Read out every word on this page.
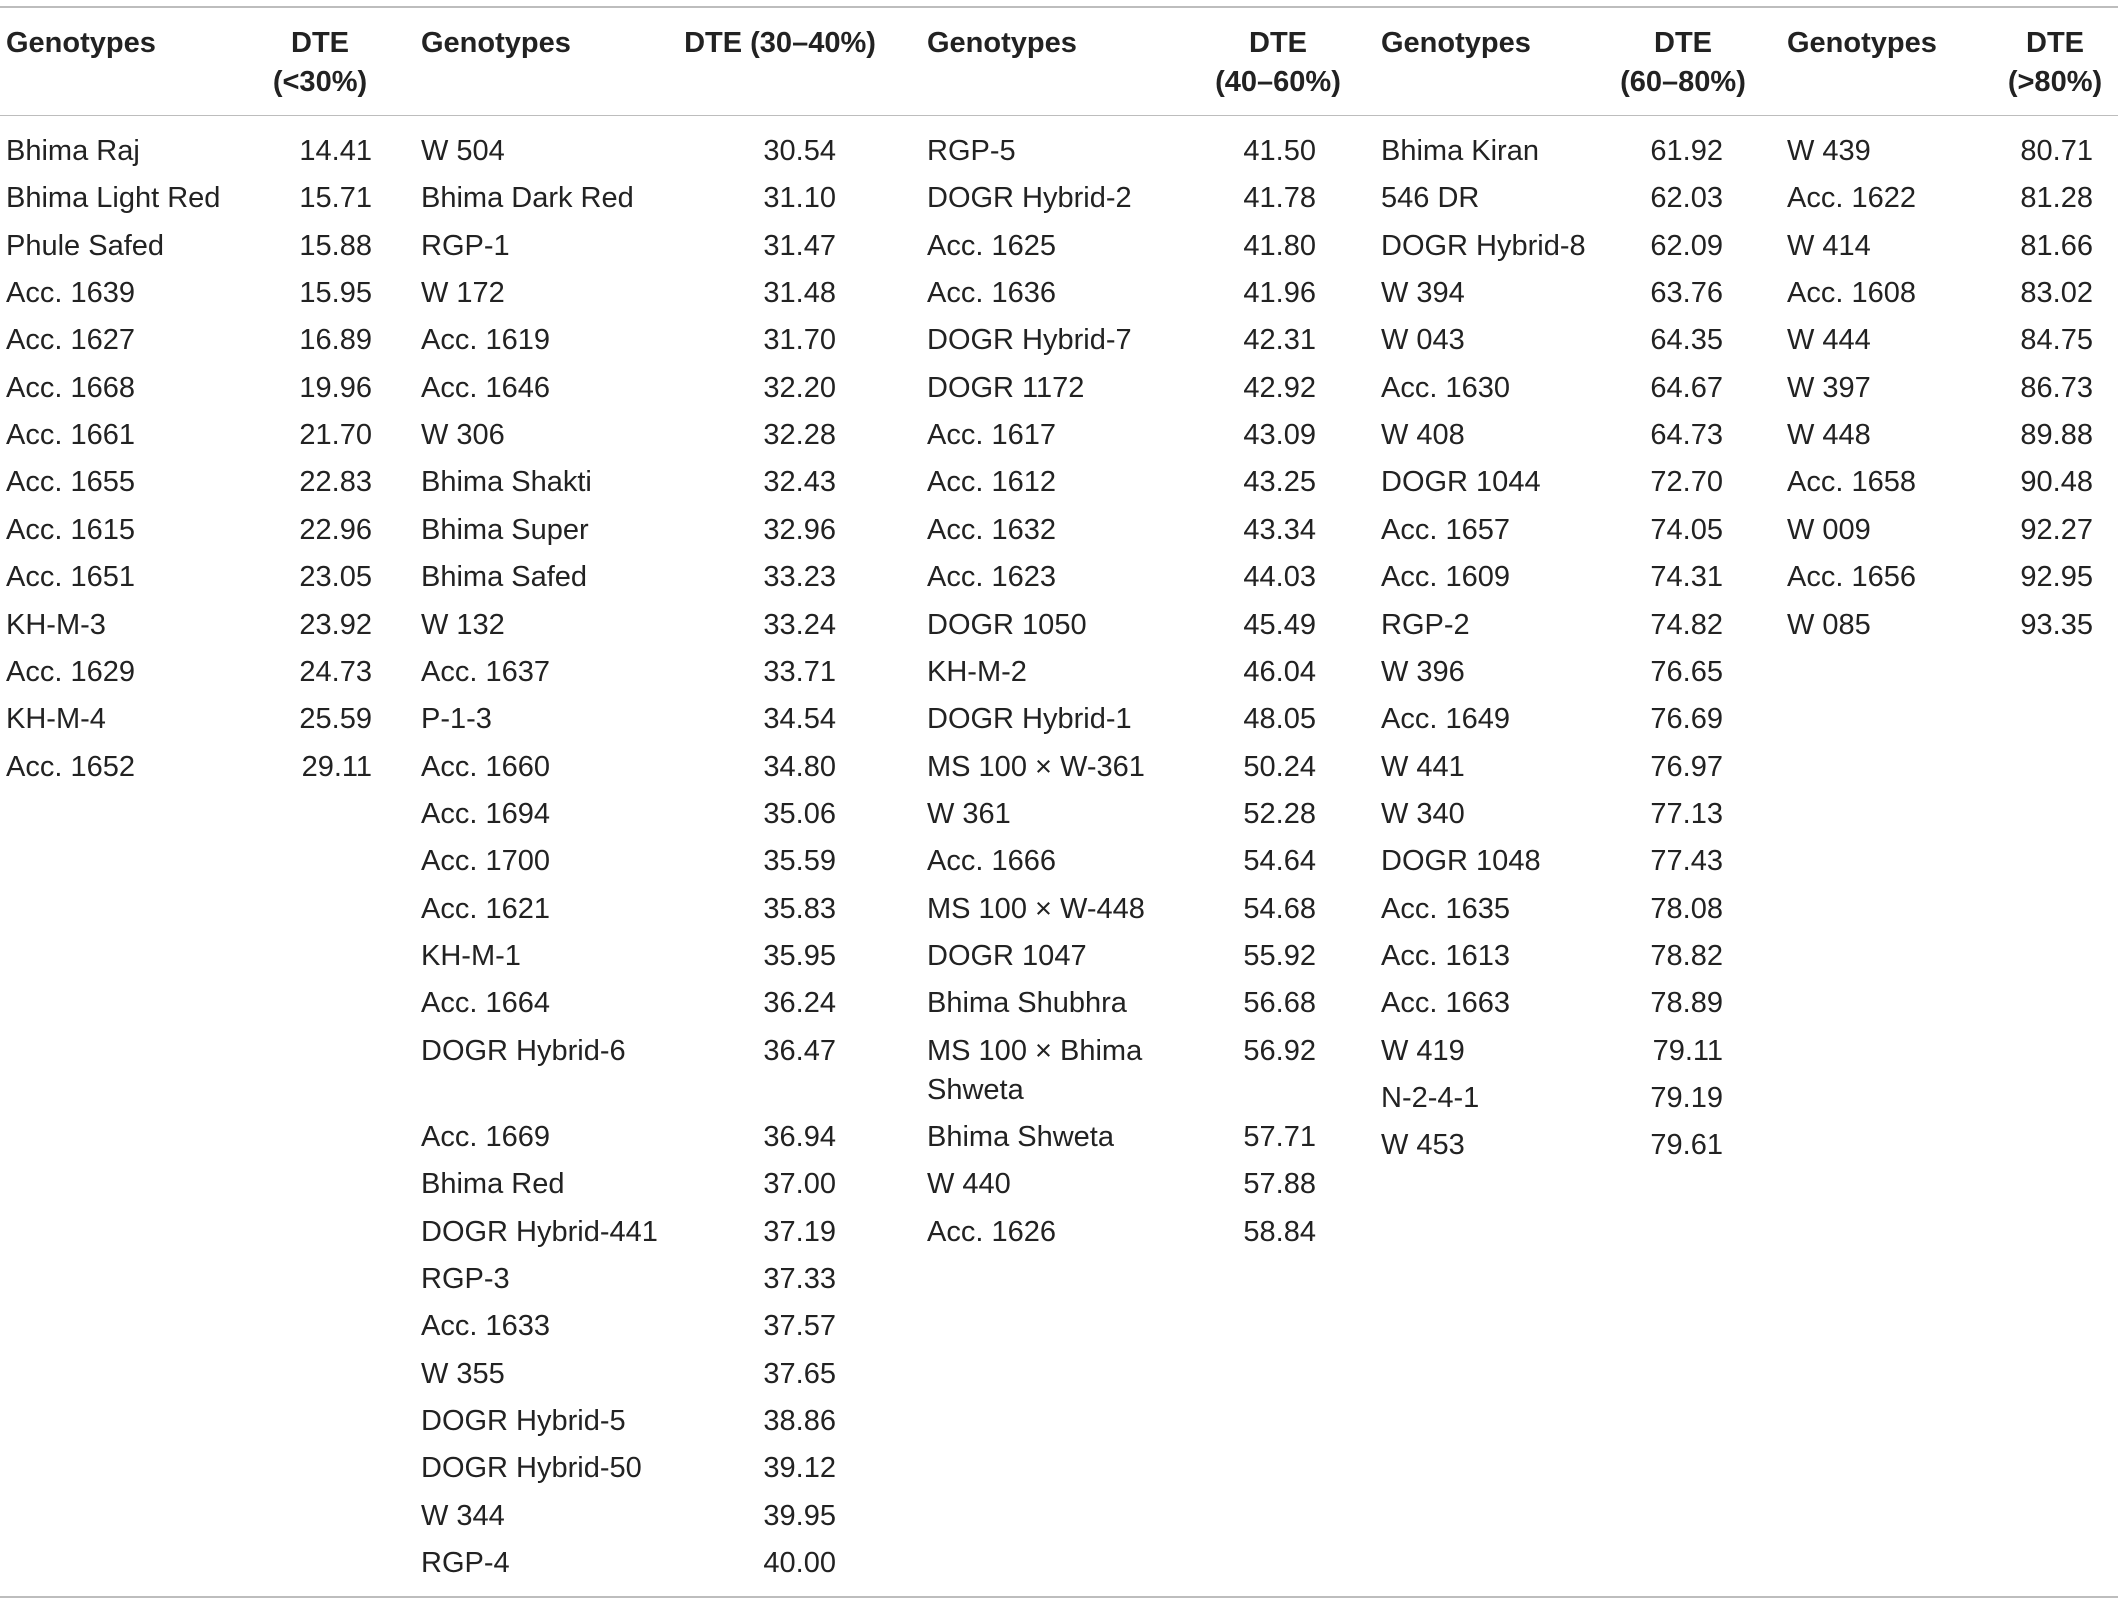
Genotypes	DTE
(<30%)
Bhima Raj	14.41
Bhima Light Red	15.71
Phule Safed	15.88
Acc. 1639	15.95
Acc. 1627	16.89
Acc. 1668	19.96
Acc. 1661	21.70
Acc. 1655	22.83
Acc. 1615	22.96
Acc. 1651	23.05
KH-M-3	23.92
Acc. 1629	24.73
KH-M-4	25.59
Acc. 1652	29.11
Genotypes	DTE (30–40%)
W 504	30.54
Bhima Dark Red	31.10
RGP-1	31.47
W 172	31.48
Acc. 1619	31.70
Acc. 1646	32.20
W 306	32.28
Bhima Shakti	32.43
Bhima Super	32.96
Bhima Safed	33.23
W 132	33.24
Acc. 1637	33.71
P-1-3	34.54
Acc. 1660	34.80
Acc. 1694	35.06
Acc. 1700	35.59
Acc. 1621	35.83
KH-M-1	35.95
Acc. 1664	36.24
DOGR Hybrid-6	36.47
Acc. 1669	36.94
Bhima Red	37.00
DOGR Hybrid-441	37.19
RGP-3	37.33
Acc. 1633	37.57
W 355	37.65
DOGR Hybrid-5	38.86
DOGR Hybrid-50	39.12
W 344	39.95
RGP-4	40.00
Genotypes	DTE
(40–60%)
RGP-5	41.50
DOGR Hybrid-2	41.78
Acc. 1625	41.80
Acc. 1636	41.96
DOGR Hybrid-7	42.31
DOGR 1172	42.92
Acc. 1617	43.09
Acc. 1612	43.25
Acc. 1632	43.34
Acc. 1623	44.03
DOGR 1050	45.49
KH-M-2	46.04
DOGR Hybrid-1	48.05
MS 100 × W-361	50.24
W 361	52.28
Acc. 1666	54.64
MS 100 × W-448	54.68
DOGR 1047	55.92
Bhima Shubhra	56.68
MS 100 × Bhima	56.92
Shweta
Bhima Shweta	57.71
W 440	57.88
Acc. 1626	58.84
Genotypes	DTE
(60–80%)
Bhima Kiran	61.92
546 DR	62.03
DOGR Hybrid-8	62.09
W 394	63.76
W 043	64.35
Acc. 1630	64.67
W 408	64.73
DOGR 1044	72.70
Acc. 1657	74.05
Acc. 1609	74.31
RGP-2	74.82
W 396	76.65
Acc. 1649	76.69
W 441	76.97
W 340	77.13
DOGR 1048	77.43
Acc. 1635	78.08
Acc. 1613	78.82
Acc. 1663	78.89
W 419	79.11
N-2-4-1	79.19
W 453	79.61
Genotypes	DTE
(>80%)
W 439	80.71
Acc. 1622	81.28
W 414	81.66
Acc. 1608	83.02
W 444	84.75
W 397	86.73
W 448	89.88
Acc. 1658	90.48
W 009	92.27
Acc. 1656	92.95
W 085	93.35
